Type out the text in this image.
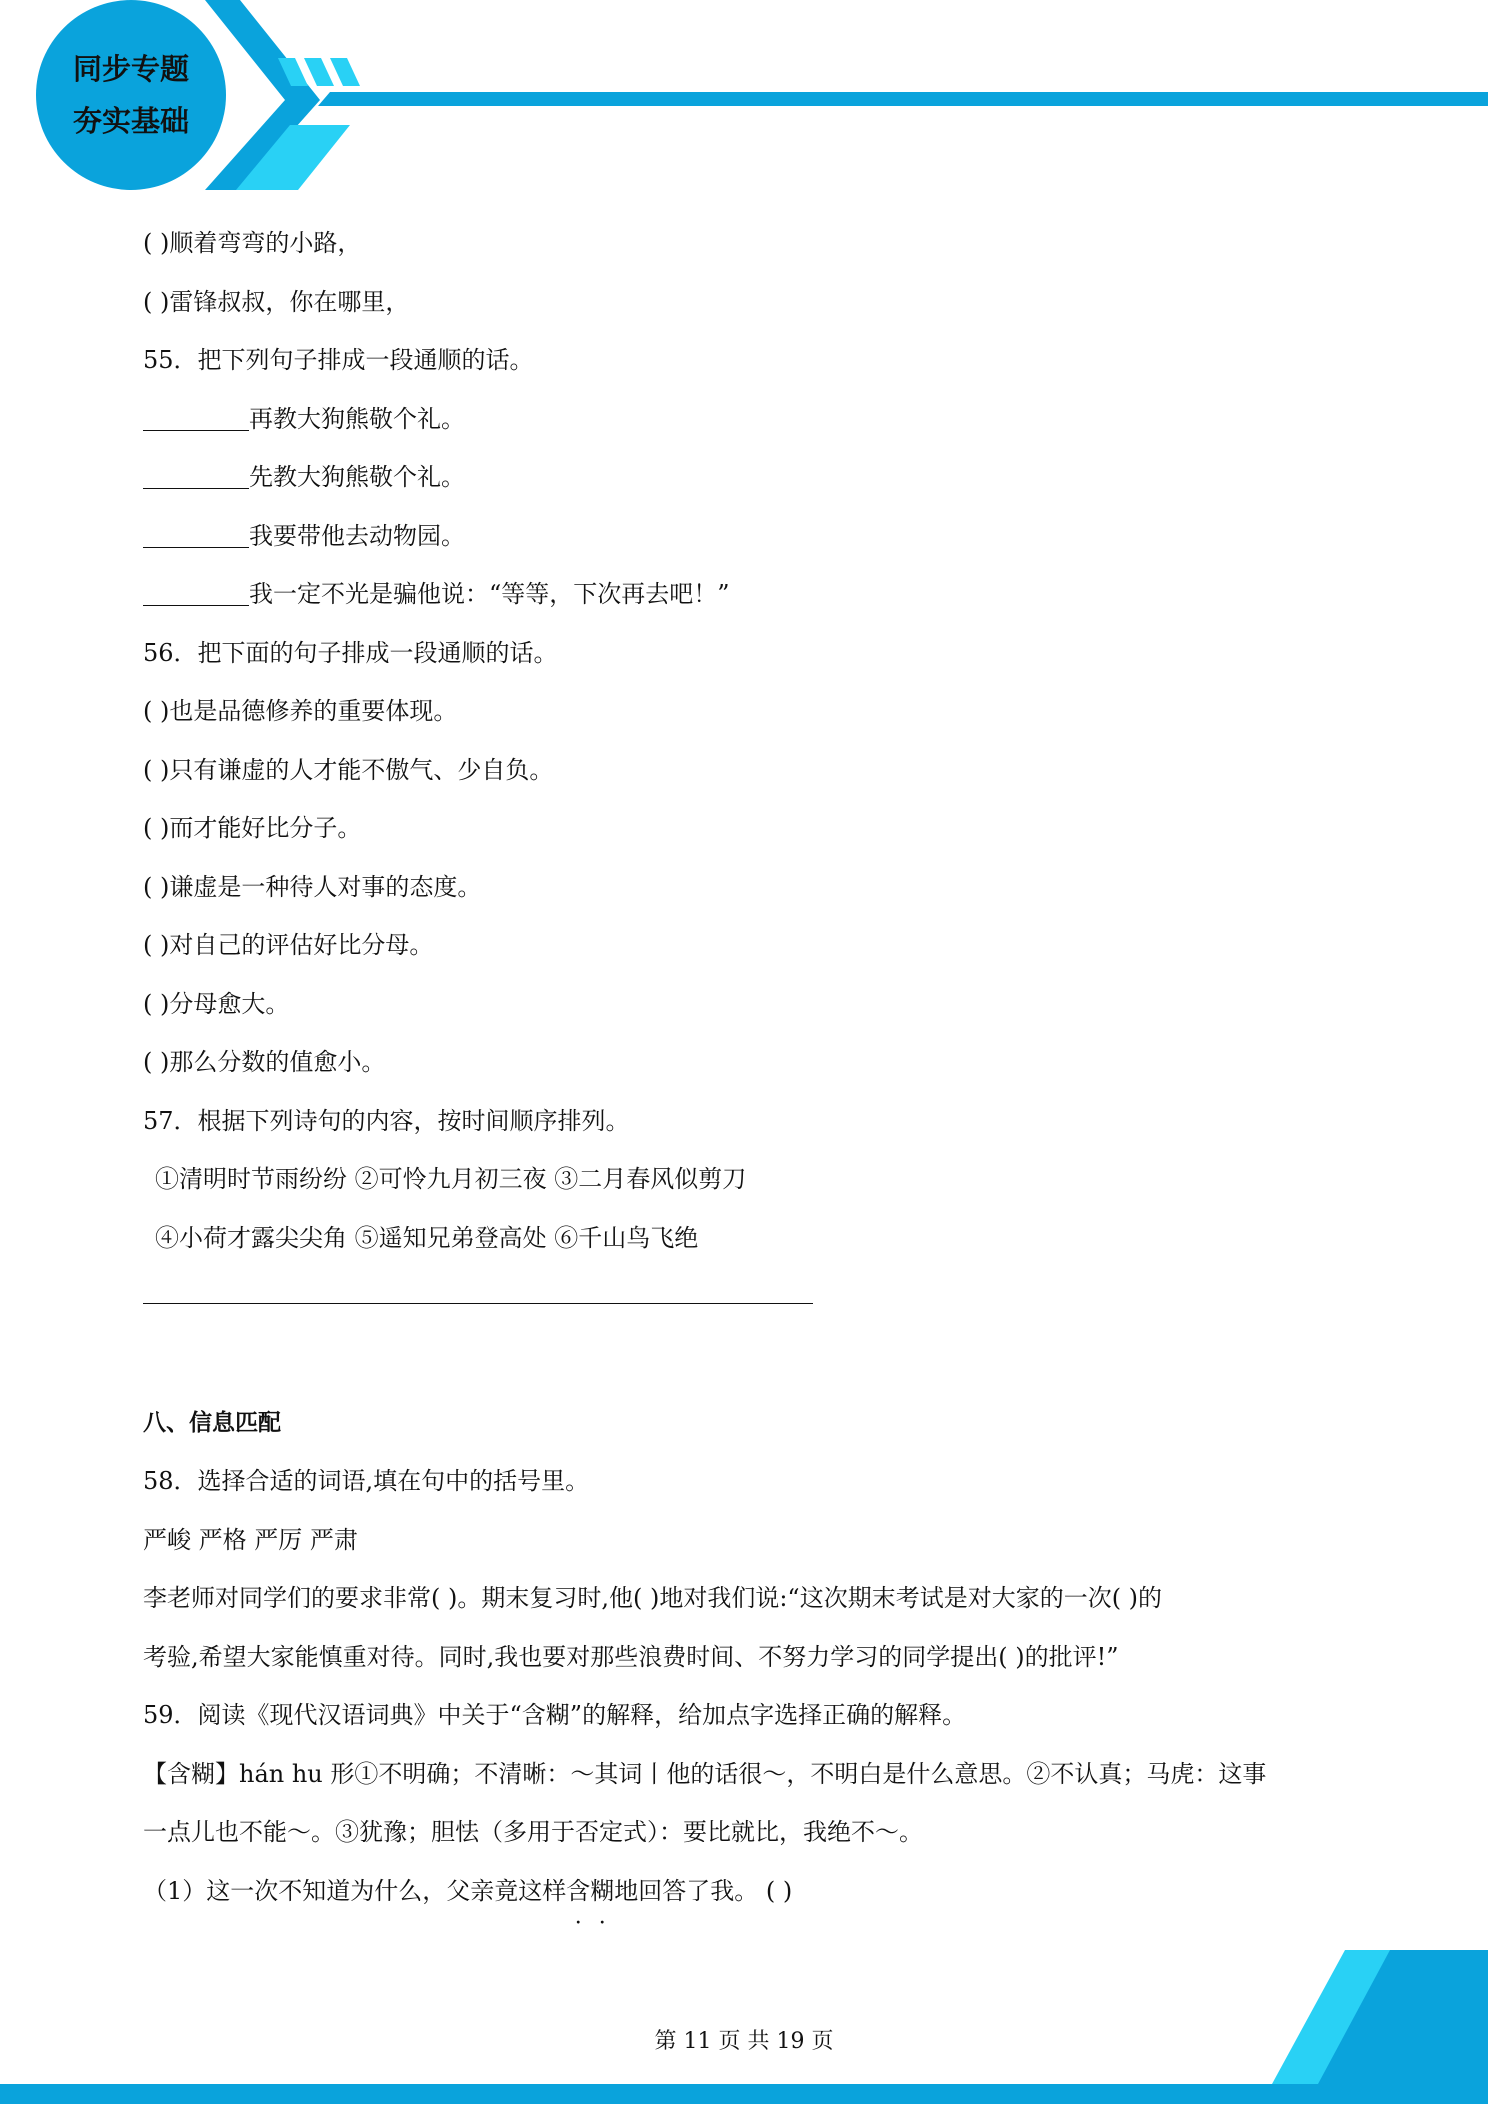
同步专题
夯实基础
( )顺着弯弯的小路，
( )雷锋叔叔，你在哪里，
55．把下列句子排成一段通顺的话。
再教大狗熊敬个礼。
先教大狗熊敬个礼。
我要带他去动物园。
我一定不光是骗他说：“等等，下次再去吧！”
56．把下面的句子排成一段通顺的话。
( )也是品德修养的重要体现。
( )只有谦虚的人才能不傲气、少自负。
( )而才能好比分子。
( )谦虚是一种待人对事的态度。
( )对自己的评估好比分母。
( )分母愈大。
( )那么分数的值愈小。
57．根据下列诗句的内容，按时间顺序排列。
①清明时节雨纷纷 ②可怜九月初三夜 ③二月春风似剪刀
④小荷才露尖尖角 ⑤遥知兄弟登高处 ⑥千山鸟飞绝
八、信息匹配
58．选择合适的词语,填在句中的括号里。
严峻 严格 严厉 严肃
李老师对同学们的要求非常( )。期末复习时,他( )地对我们说:“这次期末考试是对大家的一次( )的
考验,希望大家能慎重对待。同时,我也要对那些浪费时间、不努力学习的同学提出( )的批评!”
59．阅读《现代汉语词典》中关于“含糊”的解释，给加点字选择正确的解释。
【含糊】hán hu 形①不明确；不清晰：～其词丨他的话很～，不明白是什么意思。②不认真；马虎：这事
一点儿也不能～。③犹豫；胆怯（多用于否定式）：要比就比，我绝不～。
（1）这一次不知道为什么，父亲竟这样含糊地回答了我。 ( )
第 11 页 共 19 页
